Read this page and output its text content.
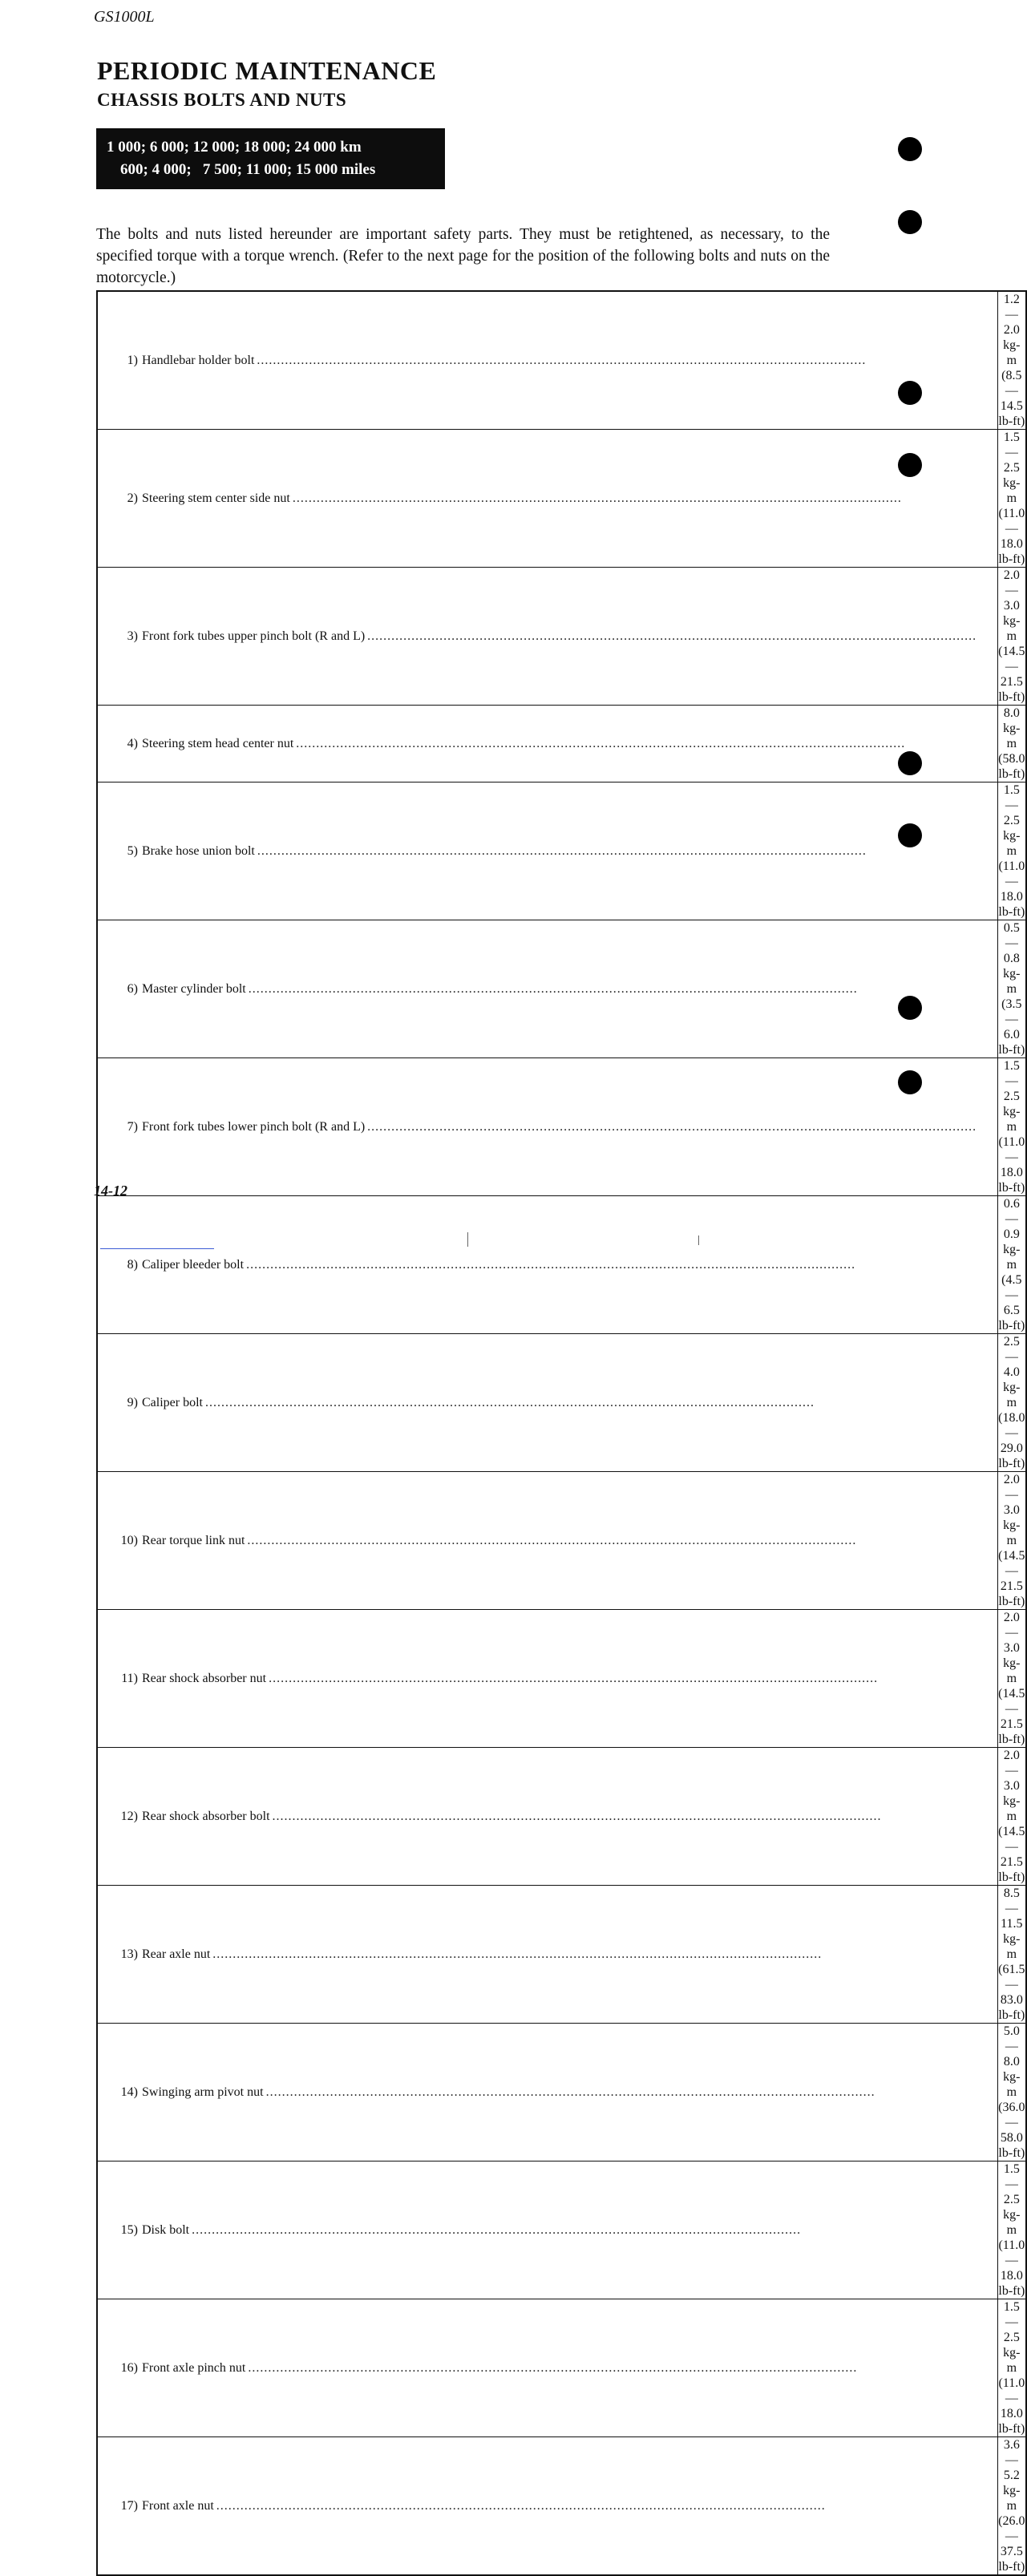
GS1000L
PERIODIC MAINTENANCE
CHASSIS BOLTS AND NUTS
1 000; 6 000; 12 000; 18 000; 24 000 km
600; 4 000;   7 500; 11 000; 15 000 miles

The bolts and nuts listed hereunder are important safety parts. They must be retightened, as necessary, to the specified torque with a torque wrench. (Refer to the next page for the position of the following bolts and nuts on the motorcycle.)

1) Handlebar holder bolt
.....	1.2 — 2.0 kg-m
(8.5 — 14.5 lb-ft)

2) Steering stem center side nut
.....	1.5 — 2.5 kg-m
(11.0 — 18.0 lb-ft)

3) Front fork tubes upper pinch bolt (R and L)
.....	2.0 — 3.0 kg-m
(14.5 — 21.5 lb-ft)

4) Steering stem head center nut
.....	8.0 kg-m
(58.0 lb-ft)

5) Brake hose union bolt
.....	1.5 — 2.5 kg-m
(11.0 — 18.0 lb-ft)

6) Master cylinder bolt
.....	0.5 — 0.8 kg-m
(3.5 — 6.0 lb-ft)

7) Front fork tubes lower pinch bolt (R and L)
.....	1.5 — 2.5 kg-m
(11.0 — 18.0 lb-ft)

8) Caliper bleeder bolt
.....	0.6 — 0.9 kg-m
(4.5 — 6.5 lb-ft)

9) Caliper bolt
.....	2.5 — 4.0 kg-m
(18.0 — 29.0 lb-ft)

10) Rear torque link nut
.....	2.0 — 3.0 kg-m
(14.5 — 21.5 lb-ft)

11) Rear shock absorber nut
.....	2.0 — 3.0 kg-m
(14.5 — 21.5 lb-ft)

12) Rear shock absorber bolt
.....	2.0 — 3.0 kg-m
(14.5 — 21.5 lb-ft)

13) Rear axle nut
.....	8.5 — 11.5 kg-m
(61.5 — 83.0 lb-ft)

14) Swinging arm pivot nut
.....	5.0 — 8.0 kg-m
(36.0 — 58.0 lb-ft)

15) Disk bolt
.....	1.5 — 2.5 kg-m
(11.0 — 18.0 lb-ft)

16) Front axle pinch nut
.....	1.5 — 2.5 kg-m
(11.0 — 18.0 lb-ft)

17) Front axle nut
.....	3.6 — 5.2 kg-m
(26.0 — 37.5 lb-ft)
14-12
